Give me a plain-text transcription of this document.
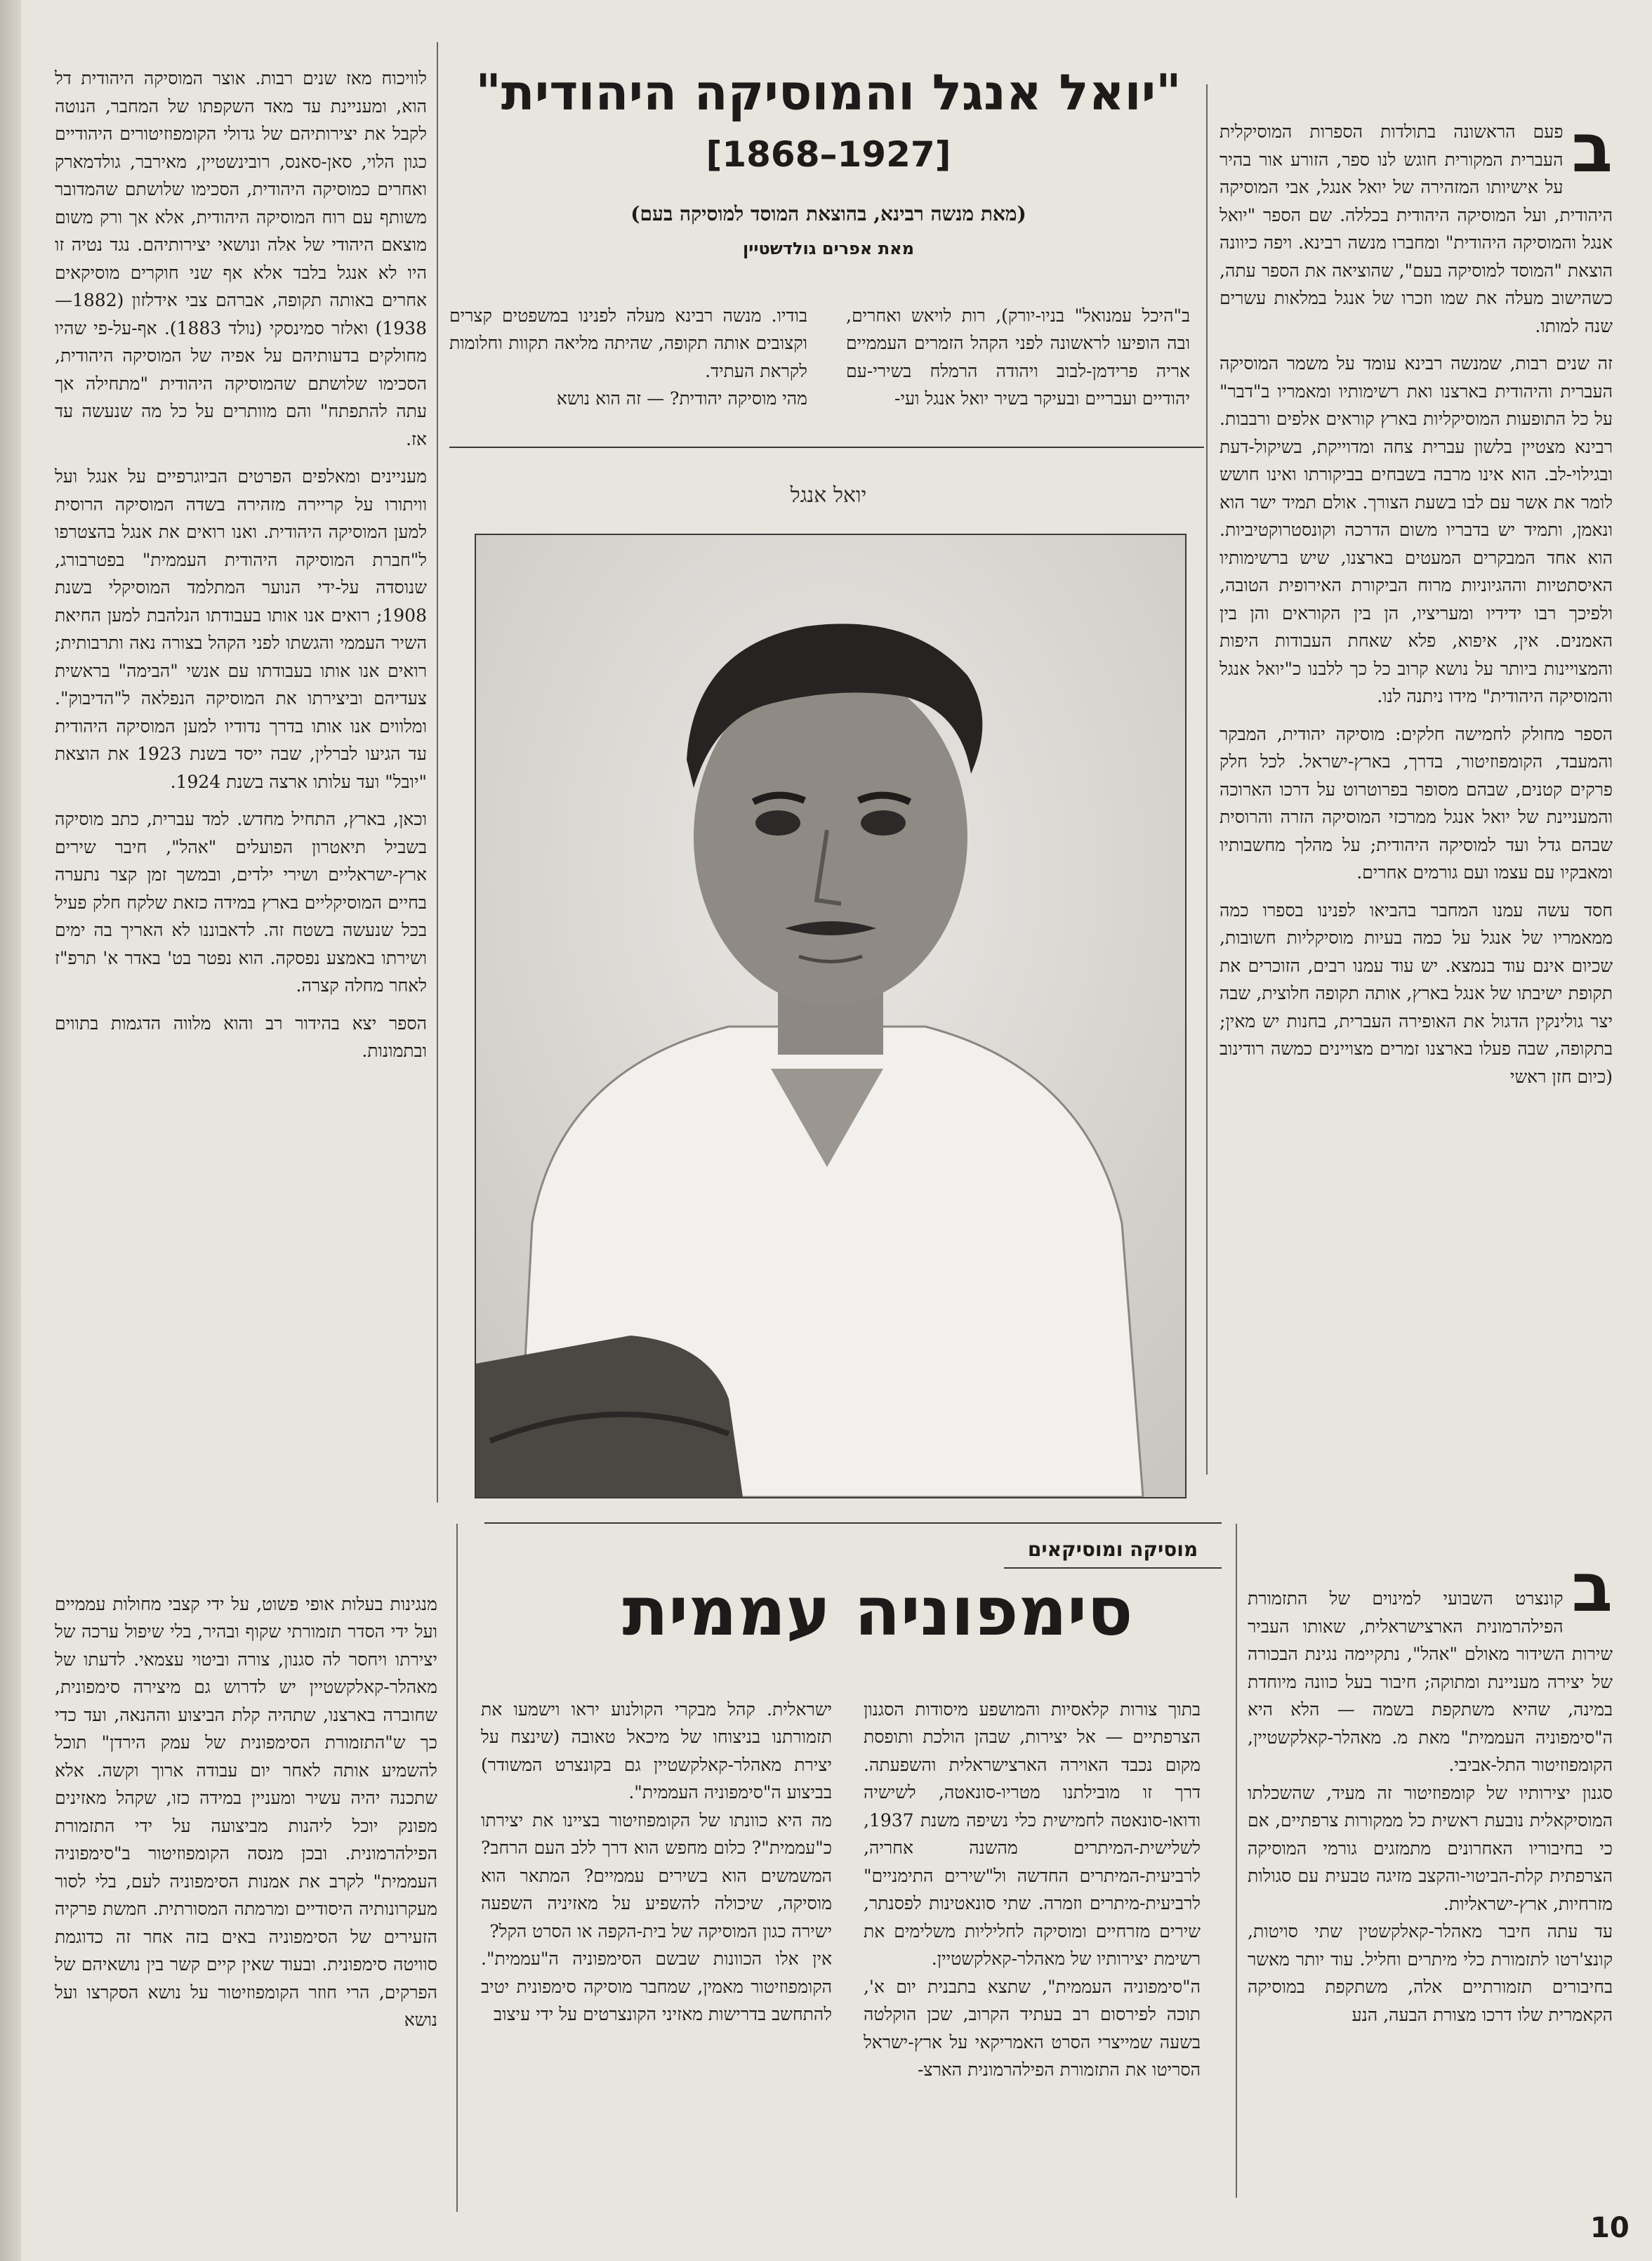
ב

פעם הראשונה בתולדות הספרות המוסיקלית העברית המקורית חוגש לנו ספר, הזורע אור בהיר על אישיותו המזהירה של יואל אנגל, אבי המוסיקה היהודית, ועל המוסיקה היהודית בכללה. שם הספר "יואל אנגל והמוסיקה היהודית" ומחברו מנשה רבינא. ויפה כיוונה הוצאת "המוסד למוסיקה בעם", שהוציאה את הספר עתה, כשהישוב מעלה את שמו וזכרו של אנגל במלאות עשרים שנה למותו.

זה שנים רבות, שמנשה רבינא עומד על משמר המוסיקה העברית והיהודית בארצנו ואת רשימותיו ומאמריו ב"דבר" על כל התופעות המוסיקליות בארץ קוראים אלפים ורבבות. רבינא מצטיין בלשון עברית צחה ומדוייקת, בשיקול-דעת ובגילוי-לב. הוא אינו מרבה בשבחים בביקורתו ואינו חושש לומר את אשר עם לבו בשעת הצורך. אולם תמיד ישר הוא ונאמן, ותמיד יש בדבריו משום הדרכה וקונסטרוקטיביות. הוא אחד המבקרים המעטים בארצנו, שיש ברשימותיו האיסתטיות וההגיוניות מרוח הביקורת האירופית הטובה, ולפיכך רבו ידידיו ומעריציו, הן בין הקוראים והן בין האמנים. אין, איפוא, פלא שאחת העבודות היפות והמצויינות ביותר על נושא קרוב כל כך ללבנו כ"יואל אנגל והמוסיקה היהודית" מידו ניתנה לנו.

הספר מחולק לחמישה חלקים: מוסיקה יהודית, המבקר והמעבד, הקומפוזיטור, בדרך, בארץ-ישראל. לכל חלק פרקים קטנים, שבהם מסופר בפרוטרוט על דרכו הארוכה והמעניינת של יואל אנגל ממרכזי המוסיקה הזרה והרוסית שבהם גדל ועד למוסיקה היהודית; על מהלך מחשבותיו ומאבקיו עם עצמו ועם גורמים אחרים.

חסד עשה עמנו המחבר בהביאו לפנינו בספרו כמה ממאמריו של אנגל על כמה בעיות מוסיקליות חשובות, שכיום אינם עוד בנמצא. יש עוד עמנו רבים, הזוכרים את תקופת ישיבתו של אנגל בארץ, אותה תקופה חלוצית, שבה יצר גולינקין הדגול את האופירה העברית, בחנות יש מאין; בתקופה, שבה פעלו בארצנו זמרים מצויינים כמשה רודינוב (כיום חזן ראשי

"יואל אנגל והמוסיקה היהודית"
[1927–1868]

(מאת מנשה רבינא, בהוצאת המוסד למוסיקה בעם)

מאת אפרים גולדשטיין

ב"היכל עמנואל" בניו-יורק), רות לויאש ואחרים, ובה הופיעו לראשונה לפני הקהל הזמרים העממיים אריה פרידמן-לבוב ויהודה הרמלח בשירי-עם יהודיים ועבריים ובעיקר בשיר יואל אנגל ועי-

בודיו. מנשה רבינא מעלה לפנינו במשפטים קצרים וקצובים אותה תקופה, שהיתה מליאה תקוות וחלומות לקראת העתיד.
מהי מוסיקה יהודית? — זה הוא נושא

יואל אנגל

לוויכוח מאז שנים רבות. אוצר המוסיקה היהודית דל הוא, ומעניינת עד מאד השקפתו של המחבר, הנוטה לקבל את יצירותיהם של גדולי הקומפוזיטורים היהודיים כגון הלוי, סאן-סאנס, רובינשטיין, מאירבר, גולדמארק ואחרים כמוסיקה היהודית, הסכימו שלושתם שהמדובר משותף עם רוח המוסיקה היהודית, אלא אך ורק משום מוצאם היהודי של אלה ונושאי יצירותיהם. נגד נטיה זו היו לא אנגל בלבד אלא אף שני חוקרים מוסיקאים אחרים באותה תקופה, אברהם צבי אידלזון (1882—1938) ואלזר סמינסקי (נולד 1883). אף-על-פי שהיו מחולקים בדעותיהם על אפיה של המוסיקה היהודית, הסכימו שלושתם שהמוסיקה היהודית "מתחילה אך עתה להתפתח" והם מוותרים על כל מה שנעשה עד אז.

מעניינים ומאלפים הפרטים הביוגרפיים על אנגל ועל וויתורו על קריירה מזהירה בשדה המוסיקה הרוסית למען המוסיקה היהודית. ואנו רואים את אנגל בהצטרפו ל"חברת המוסיקה היהודית העממית" בפטרבורג, שנוסדה על-ידי הנוער המתלמד המוסיקלי בשנת 1908; רואים אנו אותו בעבודתו הנלהבת למען החיאת השיר העממי והגשתו לפני הקהל בצורה נאה ותרבותית; רואים אנו אותו בעבודתו עם אנשי "הבימה" בראשית צעדיהם וביצירתו את המוסיקה הנפלאה ל"הדיבוק". ומלווים אנו אותו בדרך נדודיו למען המוסיקה היהודית עד הגיעו לברלין, שבה ייסד בשנת 1923 את הוצאת "יובל" ועד עלותו ארצה בשנת 1924.

וכאן, בארץ, התחיל מחדש. למד עברית, כתב מוסיקה בשביל תיאטרון הפועלים "אהל", חיבר שירים ארץ-ישראליים ושירי ילדים, ובמשך זמן קצר נתערה בחיים המוסיקליים בארץ במידה כזאת שלקח חלק פעיל בכל שנעשה בשטח זה. לדאבוננו לא האריך בה ימים ושירתו באמצע נפסקה. הוא נפטר בט' באדר א' תרפ"ז לאחר מחלה קצרה.

הספר יצא בהידור רב והוא מלווה הדגמות בתווים ובתמונות.

מוסיקה ומוסיקאים

סימפוניה עממית	ב

קונצרט השבועי למינוים של התזמורת הפילהרמונית הארצישראלית, שאותו העביר שירות השידור מאולם "אהל", נתקיימה נגינת הבכורה של יצירה מעניינת ומתוקה; חיבור בעל כוונה מיוחדת במינה, שהיא משתקפת בשמה — הלא היא ה"סימפוניה העממית" מאת מ. מאהלר-קאלקשטיין, הקומפוזיטור התל-אביבי.
סגנון יצירותיו של קומפוזיטור זה מעיד, שהשכלתו המוסיקאלית נובעת ראשית כל ממקורות צרפתיים, אם כי בחיבוריו האחרונים מתמזגים גורמי המוסיקה הצרפתית קלת-הביטוי-והקצב מזיגה טבעית עם סגולות מזרחיות, ארץ-ישראליות.
עד עתה חיבר מאהלר-קאלקשטין שתי סויטות, קונצ'רטו לתזמורת כלי מיתרים וחליל. עוד יותר מאשר בחיבורים תזמורתיים אלה, משתקפת במוסיקה הקאמרית שלו דרכו מצורת הבעה, הנע

בתוך צורות קלאסיות והמושפע מיסודות הסגנון הצרפתיים — אל יצירות, שבהן הולכת ותופסת מקום נכבד האוירה הארצישראלית והשפעתה. דרך זו מובילתנו מטריו-סונאטה, לשישיה ודואו-סונאטה לחמישית כלי נשיפה משנת 1937, לשלישית-המיתרים מהשנה אחריה, לרביעית-המיתרים החדשה ול"שירים התימניים" לרביעית-מיתרים וזמרה. שתי סונאטינות לפסנתר, שירים מזרחיים ומוסיקה לחליליות משלימים את רשימת יצירותיו של מאהלר-קאלקשטיין.
ה"סימפוניה העממית", שתצא בתבנית יום א', תוכה לפירסום רב בעתיד הקרוב, שכן הוקלטה בשעה שמייצרי הסרט האמריקאי על ארץ-ישראל הסריטו את התזמורת הפילהרמונית הארצ-

ישראלית. קהל מבקרי הקולנוע יראו וישמעו את תזמורתנו בניצוחו של מיכאל טאובה (שינצח על יצירת מאהלר-קאלקשטיין גם בקונצרט המשודר) בביצוע ה"סימפוניה העממית".
מה היא כוונתו של הקומפוזיטור בציינו את יצירתו כ"עממית"? כלום מחפש הוא דרך ללב העם הרחב? המשמשים הוא בשירים עממיים? המתאר הוא מוסיקה, שיכולה להשפיע על מאזיניה השפעה ישירה כגון המוסיקה של בית-הקפה או הסרט הקל?
אין אלו הכוונות שבשם הסימפוניה ה"עממית". הקומפוזיטור מאמין, שמחבר מוסיקה סימפונית יטיב להתחשב בדרישות מאזיני הקונצרטים על ידי עיצוב

מנגינות בעלות אופי פשוט, על ידי קצבי מחולות עממיים ועל ידי הסדר תזמורתי שקוף ובהיר, בלי שיפול ערכה של יצירתו ויחסר לה סגנון, צורה וביטוי עצמאי. לדעתו של מאהלר-קאלקשטיין יש לדרוש גם מיצירה סימפונית, שחוברה בארצנו, שתהיה קלת הביצוע וההנאה, ועד כדי כך ש"התזמורת הסימפונית של עמק הירדן" תוכל להשמיע אותה לאחר יום עבודה ארוך וקשה. אלא שתכנה יהיה עשיר ומעניין במידה כזו, שקהל מאזינים מפונק יוכל ליהנות מביצועה על ידי התזמורת הפילהרמונית. ובכן מנסה הקומפוזיטור ב"סימפוניה העממית" לקרב את אמנות הסימפוניה לעם, בלי לסור מעקרונותיה היסודיים ומרמתה המסורתית. חמשת פרקיה הזעירים של הסימפוניה באים בזה אחר זה כדוגמת סוויטה סימפונית. ובעוד שאין קיים קשר בין נושאיהם של הפרקים, הרי חוזר הקומפוזיטור על נושא הסקרצו ועל נושא

10
